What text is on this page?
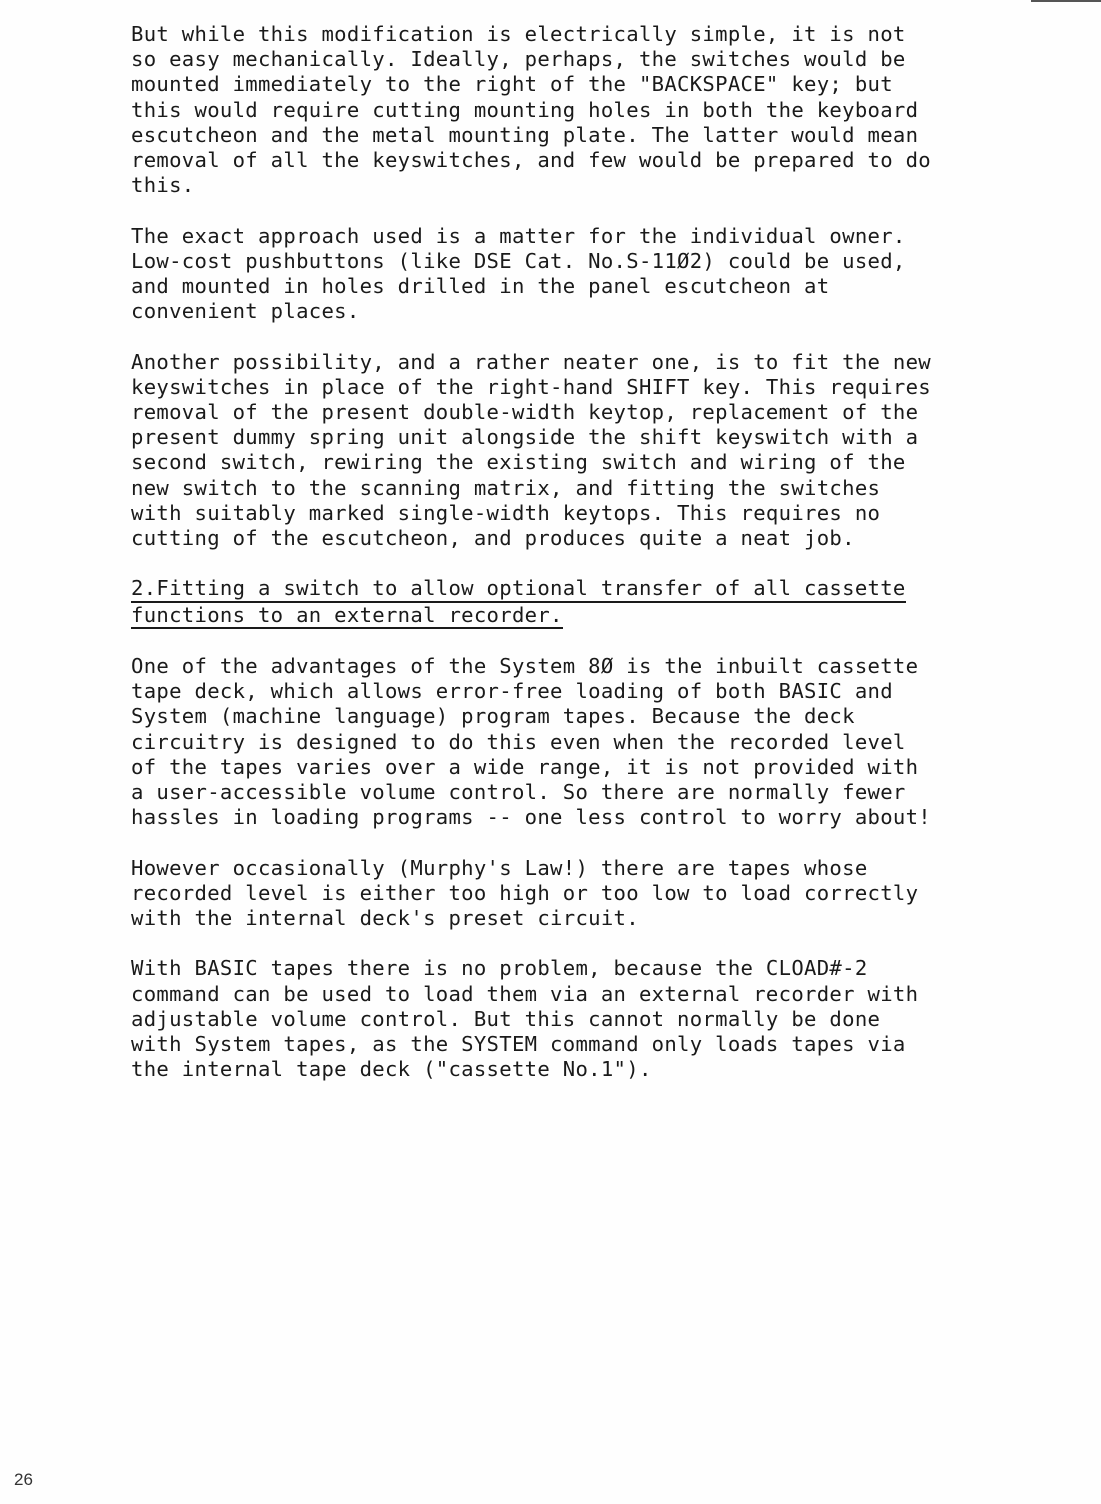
But while this modification is electrically simple, it is not
so easy mechanically. Ideally, perhaps, the switches would be
mounted immediately to the right of the "BACKSPACE" key; but
this would require cutting mounting holes in both the keyboard
escutcheon and the metal mounting plate. The latter would mean
removal of all the keyswitches, and few would be prepared to do
this.

The exact approach used is a matter for the individual owner.
Low-cost pushbuttons (like DSE Cat. No.S-11Ø2) could be used,
and mounted in holes drilled in the panel escutcheon at
convenient places.

Another possibility, and a rather neater one, is to fit the new
keyswitches in place of the right-hand SHIFT key. This requires
removal of the present double-width keytop, replacement of the
present dummy spring unit alongside the shift keyswitch with a
second switch, rewiring the existing switch and wiring of the
new switch to the scanning matrix, and fitting the switches
with suitably marked single-width keytops. This requires no
cutting of the escutcheon, and produces quite a neat job.

2.Fitting a switch to allow optional transfer of all cassette
functions to an external recorder.

One of the advantages of the System 8Ø is the inbuilt cassette
tape deck, which allows error-free loading of both BASIC and
System (machine language) program tapes. Because the deck
circuitry is designed to do this even when the recorded level
of the tapes varies over a wide range, it is not provided with
a user-accessible volume control. So there are normally fewer
hassles in loading programs -- one less control to worry about!

However occasionally (Murphy's Law!) there are tapes whose
recorded level is either too high or too low to load correctly
with the internal deck's preset circuit.

With BASIC tapes there is no problem, because the CLOAD#-2
command can be used to load them via an external recorder with
adjustable volume control. But this cannot normally be done
with System tapes, as the SYSTEM command only loads tapes via
the internal tape deck ("cassette No.1").

26
